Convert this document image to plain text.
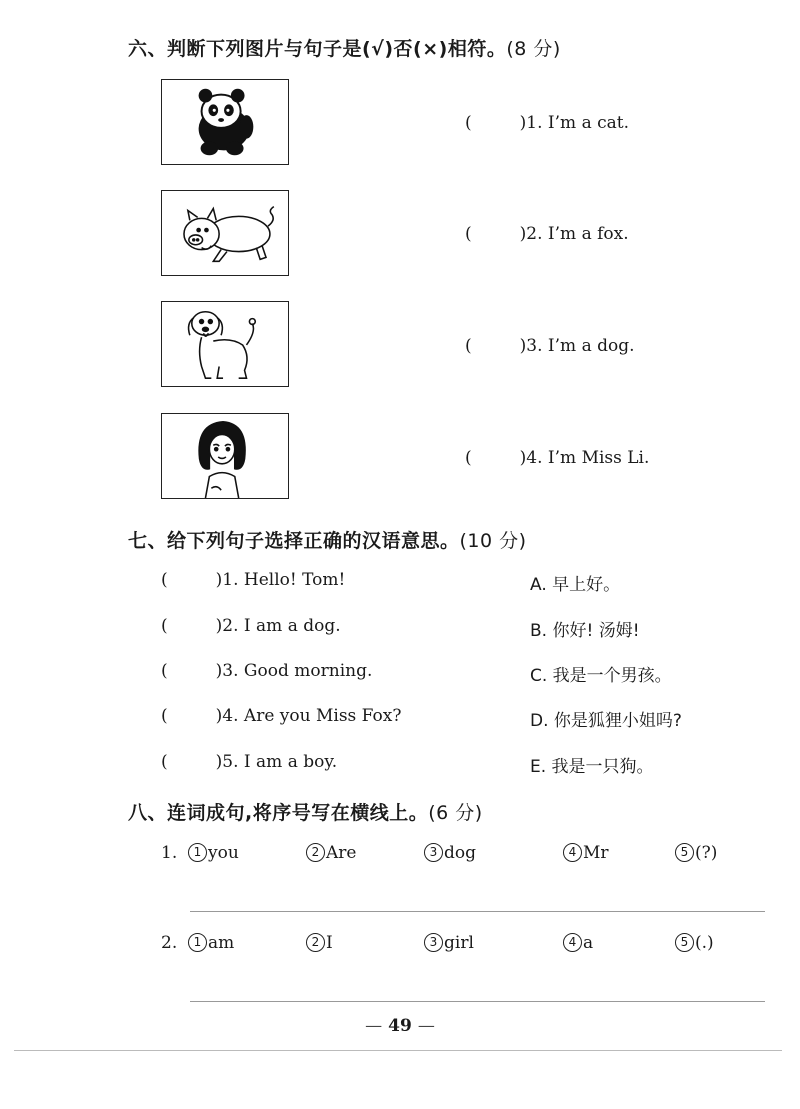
六、判断下列图片与句子是(√)否(×)相符。(8 分)
(	)1. I’m a cat.
(	)2. I’m a fox.
(	)3. I’m a dog.
(	)4. I’m Miss Li.
七、给下列句子选择正确的汉语意思。(10 分)
(	)1. Hello! Tom!	A. 早上好。
(	)2. I am a dog.	B. 你好! 汤姆!
(	)3. Good morning.	C. 我是一个男孩。
(	)4. Are you Miss Fox?	D. 你是狐狸小姐吗?
(	)5. I am a boy.	E. 我是一只狗。
八、连词成句,将序号写在横线上。(6 分)
1.	1 you	2 Are	3 dog	4 Mr	5 (?)
2.	1 am	2 I	3 girl	4 a	5 (.)
— 49 —
